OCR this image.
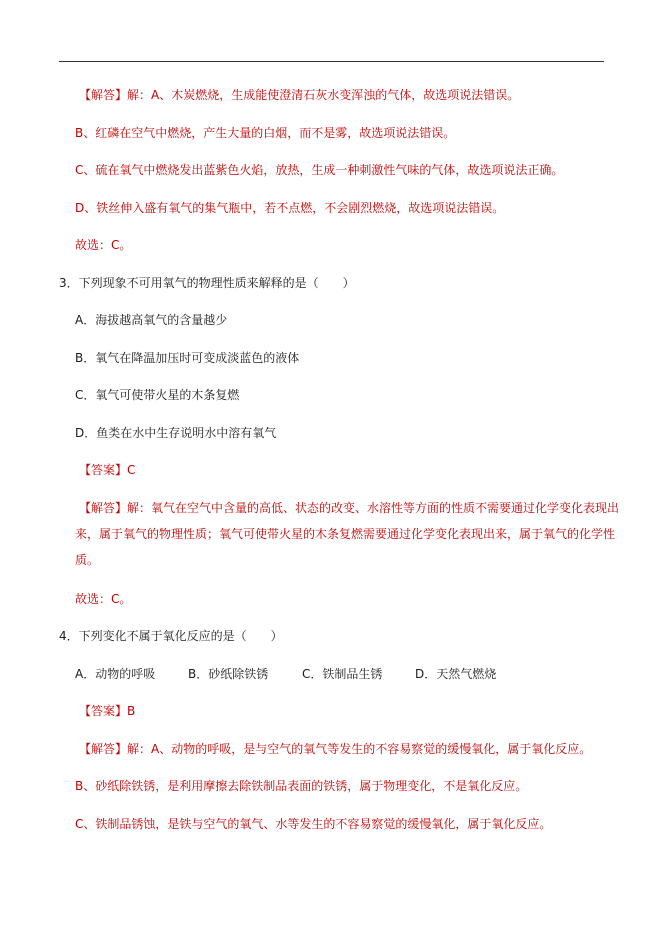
【解答】解：A、木炭燃烧，生成能使澄清石灰水变浑浊的气体，故选项说法错误。
B、红磷在空气中燃烧，产生大量的白烟，而不是雾，故选项说法错误。
C、硫在氧气中燃烧发出蓝紫色火焰，放热，生成一种刺激性气味的气体，故选项说法正确。
D、铁丝伸入盛有氧气的集气瓶中，若不点燃，不会剧烈燃烧，故选项说法错误。
故选：C。
3．下列现象不可用氧气的物理性质来解释的是（　　）
A．海拔越高氧气的含量越少
B．氧气在降温加压时可变成淡蓝色的液体
C．氧气可使带火星的木条复燃
D．鱼类在水中生存说明水中溶有氧气
【答案】C
【解答】解：氧气在空气中含量的高低、状态的改变、水溶性等方面的性质不需要通过化学变化表现出
来，属于氧气的物理性质；氧气可使带火星的木条复燃需要通过化学变化表现出来，属于氧气的化学性
质。
故选：C。
4．下列变化不属于氧化反应的是（　　）
A．动物的呼吸	B．砂纸除铁锈	C．铁制品生锈	D．天然气燃烧
【答案】B
【解答】解：A、动物的呼吸，是与空气的氧气等发生的不容易察觉的缓慢氧化，属于氧化反应。
B、砂纸除铁锈，是利用摩擦去除铁制品表面的铁锈，属于物理变化，不是氧化反应。
C、铁制品锈蚀，是铁与空气的氧气、水等发生的不容易察觉的缓慢氧化，属于氧化反应。
